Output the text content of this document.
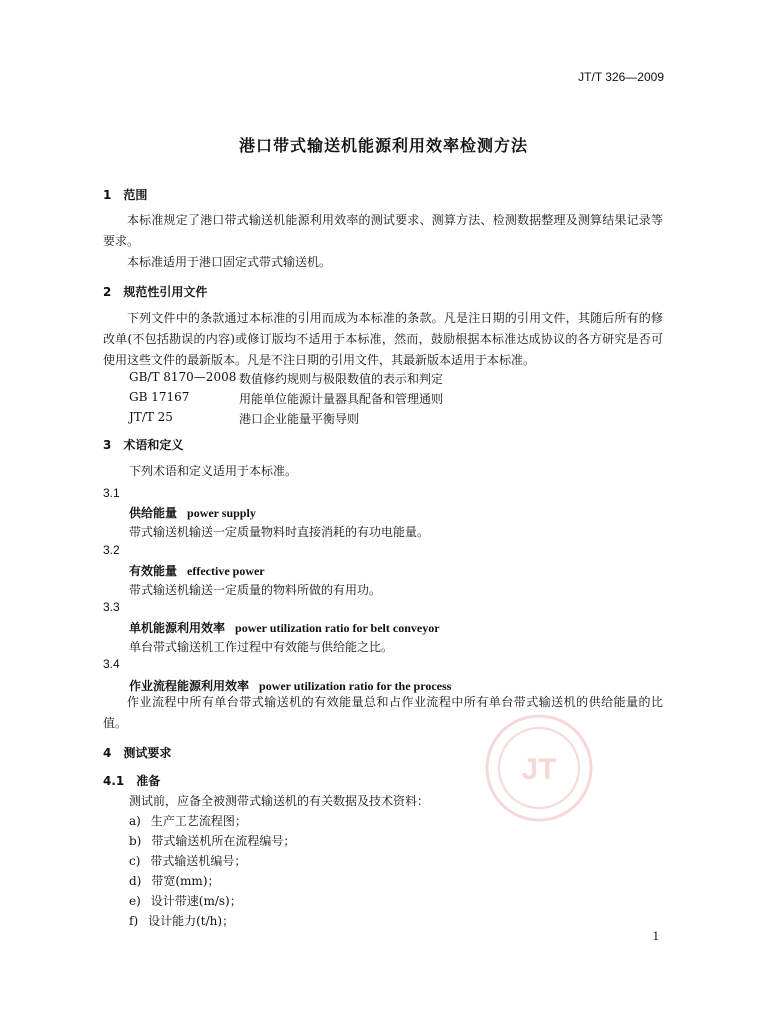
JT/T 326—2009
港口带式输送机能源利用效率检测方法
1　范围
本标准规定了港口带式输送机能源利用效率的测试要求、测算方法、检测数据整理及测算结果记录等要求。
本标准适用于港口固定式带式输送机。
2　规范性引用文件
下列文件中的条款通过本标准的引用而成为本标准的条款。凡是注日期的引用文件，其随后所有的修改单(不包括勘误的内容)或修订版均不适用于本标准，然而，鼓励根据本标准达成协议的各方研究是否可使用这些文件的最新版本。凡是不注日期的引用文件，其最新版本适用于本标准。
GB/T 8170—2008 数值修约规则与极限数值的表示和判定
GB 17167	用能单位能源计量器具配备和管理通则
JT/T 25	港口企业能量平衡导则
3　术语和定义
下列术语和定义适用于本标准。
3.1
供给能量 power supply
带式输送机输送一定质量物料时直接消耗的有功电能量。
3.2
有效能量 effective power
带式输送机输送一定质量的物料所做的有用功。
3.3
单机能源利用效率 power utilization ratio for belt conveyor
单台带式输送机工作过程中有效能与供给能之比。
3.4
作业流程能源利用效率 power utilization ratio for the process
作业流程中所有单台带式输送机的有效能量总和占作业流程中所有单台带式输送机的供给能量的比值。
4　测试要求
4.1　准备
测试前，应备全被测带式输送机的有关数据及技术资料：
a) 生产工艺流程图；
b) 带式输送机所在流程编号；
c) 带式输送机编号；
d) 带宽(mm)；
e) 设计带速(m/s)；
f) 设计能力(t/h)；
JT
1
